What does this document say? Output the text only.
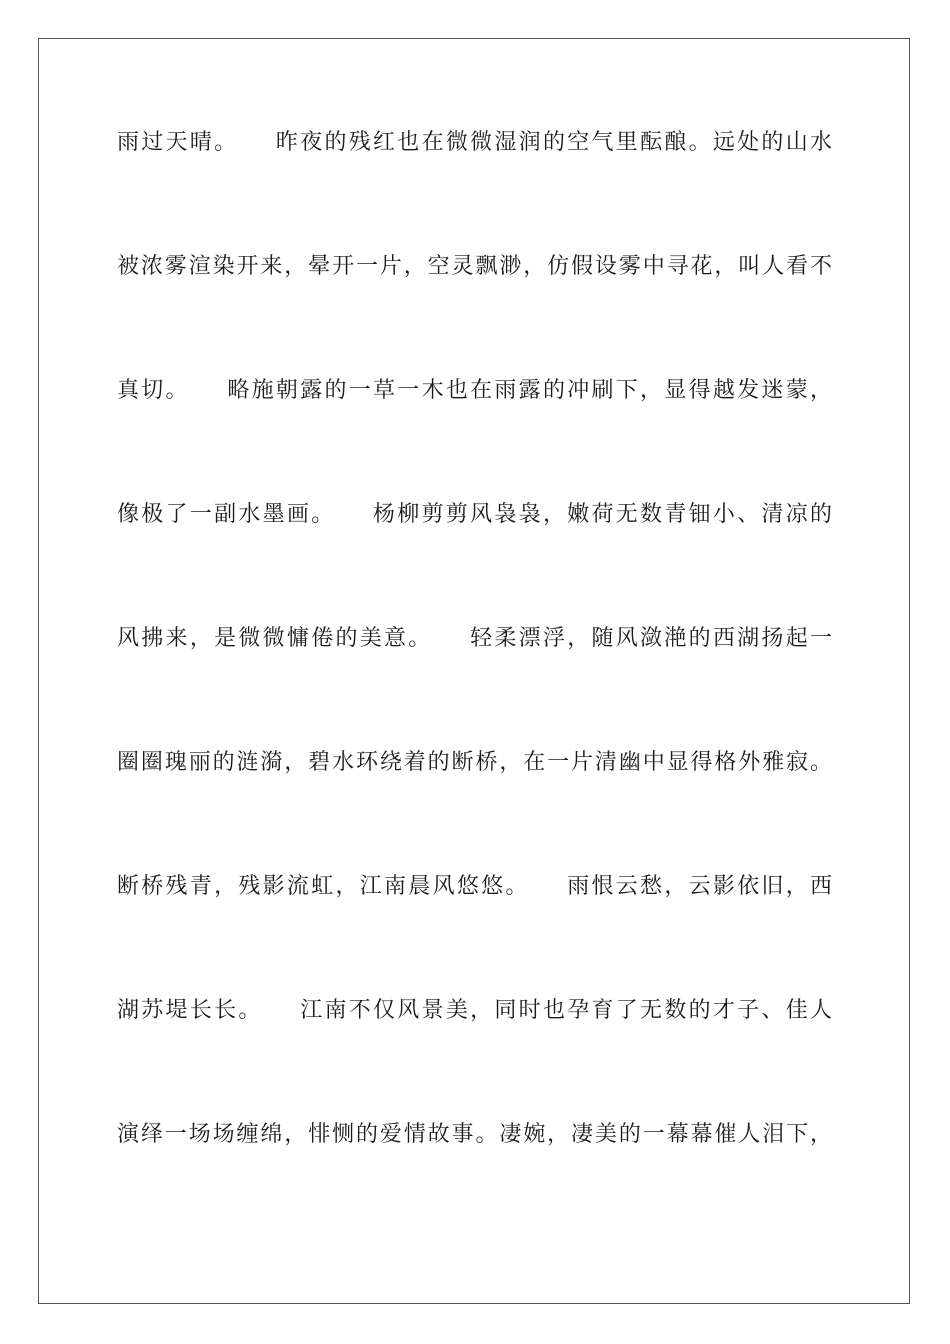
雨过天晴。　　昨夜的残红也在微微湿润的空气里酝酿。远处的山水
被浓雾渲染开来，晕开一片，空灵飘渺，仿假设雾中寻花，叫人看不
真切。　　略施朝露的一草一木也在雨露的冲刷下，显得越发迷蒙，
像极了一副水墨画。　　杨柳剪剪风袅袅，嫩荷无数青钿小、清凉的
风拂来，是微微慵倦的美意。　　轻柔漂浮，随风潋滟的西湖扬起一
圈圈瑰丽的涟漪，碧水环绕着的断桥，在一片清幽中显得格外雅寂。
断桥残青，残影流虹，江南晨风悠悠。　　雨恨云愁，云影依旧，西
湖苏堤长长。　　江南不仅风景美，同时也孕育了无数的才子、佳人
演绎一场场缠绵，悱恻的爱情故事。凄婉，凄美的一幕幕催人泪下，
